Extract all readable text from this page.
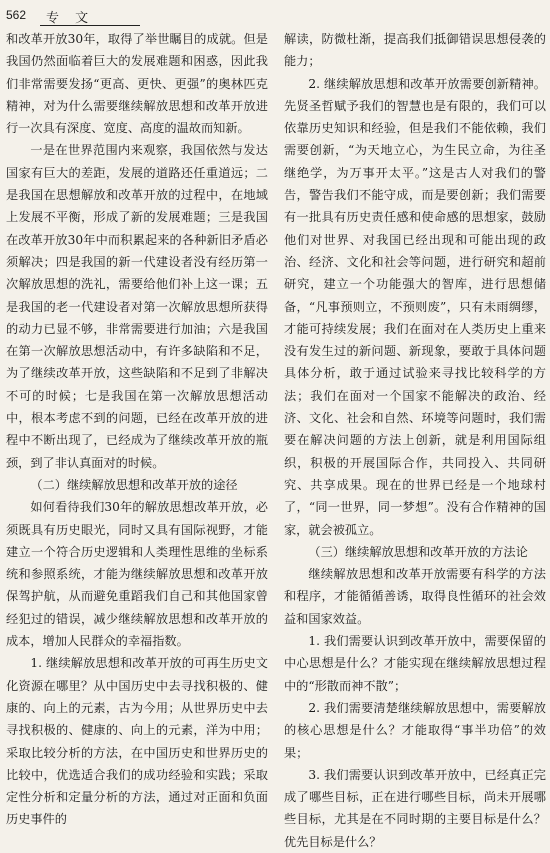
562 专 文

和改革开放30年，取得了举世瞩目的成就。但是我国仍然面临着巨大的发展难题和困惑，因此我们非常需要发扬“更高、更快、更强”的奥林匹克精神，对为什么需要继续解放思想和改革开放进行一次具有深度、宽度、高度的温故而知新。

一是在世界范围内来观察，我国依然与发达国家有巨大的差距，发展的道路还任重道远；二是我国在思想解放和改革开放的过程中，在地域上发展不平衡，形成了新的发展难题；三是我国在改革开放30年中而积累起来的各种新旧矛盾必须解决；四是我国的新一代建设者没有经历第一次解放思想的洗礼，需要给他们补上这一课；五是我国的老一代建设者对第一次解放思想所获得的动力已显不够，非常需要进行加油；六是我国在第一次解放思想活动中，有许多缺陷和不足，为了继续改革开放，这些缺陷和不足到了非解决不可的时候；七是我国在第一次解放思想活动中，根本考虑不到的问题，已经在改革开放的进程中不断出现了，已经成为了继续改革开放的瓶颈，到了非认真面对的时候。

（二）继续解放思想和改革开放的途径

如何看待我们30年的解放思想改革开放，必须既具有历史眼光，同时又具有国际视野，才能建立一个符合历史逻辑和人类理性思维的坐标系统和参照系统，才能为继续解放思想和改革开放保驾护航，从而避免重蹈我们自己和其他国家曾经犯过的错误，减少继续解放思想和改革开放的成本，增加人民群众的幸福指数。

1. 继续解放思想和改革开放的可再生历史文化资源在哪里？从中国历史中去寻找积极的、健康的、向上的元素，古为今用；从世界历史中去寻找积极的、健康的、向上的元素，洋为中用；采取比较分析的方法，在中国历史和世界历史的比较中，优选适合我们的成功经验和实践；采取定性分析和定量分析的方法，通过对正面和负面历史事件的

解读，防微杜渐，提高我们抵御错误思想侵袭的能力；

2. 继续解放思想和改革开放需要创新精神。先贤圣哲赋予我们的智慧也是有限的，我们可以依靠历史知识和经验，但是我们不能依赖，我们需要创新，“为天地立心，为生民立命，为往圣继绝学，为万事开太平。”这是古人对我们的警告，警告我们不能守成，而是要创新；我们需要有一批具有历史责任感和使命感的思想家，鼓励他们对世界、对我国已经出现和可能出现的政治、经济、文化和社会等问题，进行研究和超前研究，建立一个功能强大的智库，进行思想储备，“凡事预则立，不预则废”，只有未雨绸缪，才能可持续发展；我们在面对在人类历史上重来没有发生过的新问题、新现象，要敢于具体问题具体分析，敢于通过试验来寻找比较科学的方法；我们在面对一个国家不能解决的政治、经济、文化、社会和自然、环境等问题时，我们需要在解决问题的方法上创新，就是利用国际组织，积极的开展国际合作，共同投入、共同研究、共享成果。现在的世界已经是一个地球村了，“同一世界，同一梦想”。没有合作精神的国家，就会被孤立。

（三）继续解放思想和改革开放的方法论

继续解放思想和改革开放需要有科学的方法和程序，才能循循善诱，取得良性循环的社会效益和国家效益。

1. 我们需要认识到改革开放中，需要保留的中心思想是什么？才能实现在继续解放思想过程中的“形散而神不散”；

2. 我们需要清楚继续解放思想中，需要解放的核心思想是什么？才能取得“事半功倍”的效果；

3. 我们需要认识到改革开放中，已经真正完成了哪些目标，正在进行哪些目标，尚未开展哪些目标，尤其是在不同时期的主要目标是什么？优先目标是什么？
